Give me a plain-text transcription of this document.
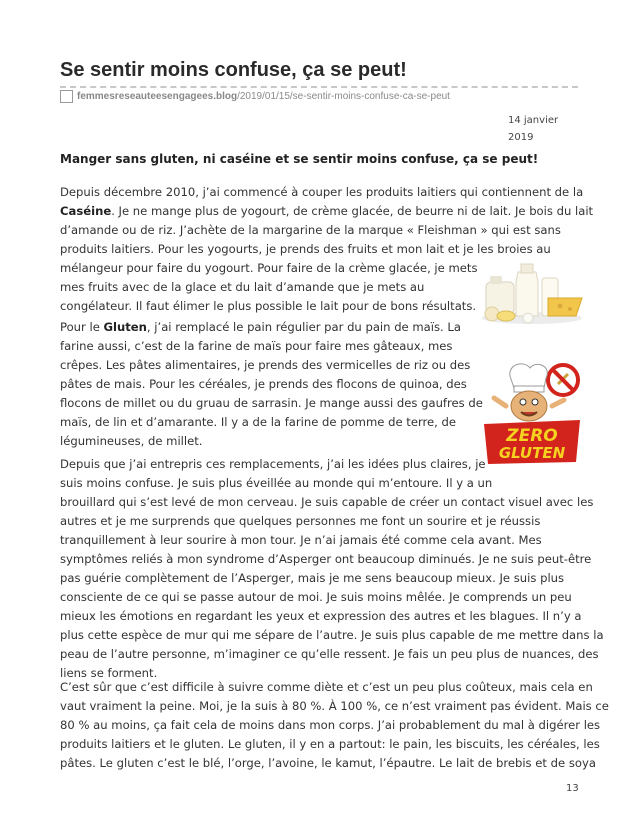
Se sentir moins confuse, ça se peut!
femmesreseauteesengagees.blog/2019/01/15/se-sentir-moins-confuse-ca-se-peut
14 janvier
2019

Manger sans gluten, ni caséine et se sentir moins confuse, ça se peut!

Depuis décembre 2010, j’ai commencé à couper les produits laitiers qui contiennent de la
Caséine. Je ne mange plus de yogourt, de crème glacée, de beurre ni de lait. Je bois du lait
d’amande ou de riz. J’achète de la margarine de la marque « Fleishman » qui est sans
produits laitiers. Pour les yogourts, je prends des fruits et mon lait et je les broies au
mélangeur pour faire du yogourt. Pour faire de la crème glacée, je mets
mes fruits avec de la glace et du lait d’amande que je mets au
congélateur. Il faut élimer le plus possible le lait pour de bons résultats.

Pour le Gluten, j’ai remplacé le pain régulier par du pain de maïs. La
farine aussi, c’est de la farine de maïs pour faire mes gâteaux, mes
crêpes. Les pâtes alimentaires, je prends des vermicelles de riz ou des
pâtes de mais. Pour les céréales, je prends des flocons de quinoa, des
flocons de millet ou du gruau de sarrasin. Je mange aussi des gaufres de
maïs, de lin et d’amarante. Il y a de la farine de pomme de terre, de
légumineuses, de millet.

Depuis que j’ai entrepris ces remplacements, j’ai les idées plus claires, je
suis moins confuse. Je suis plus éveillée au monde qui m’entoure. Il y a un
brouillard qui s’est levé de mon cerveau. Je suis capable de créer un contact visuel avec les
autres et je me surprends que quelques personnes me font un sourire et je réussis
tranquillement à leur sourire à mon tour. Je n’ai jamais été comme cela avant. Mes
symptômes reliés à mon syndrome d’Asperger ont beaucoup diminués. Je ne suis peut-être
pas guérie complètement de l’Asperger, mais je me sens beaucoup mieux. Je suis plus
consciente de ce qui se passe autour de moi. Je suis moins mêlée. Je comprends un peu
mieux les émotions en regardant les yeux et expression des autres et les blagues. Il n’y a
plus cette espèce de mur qui me sépare de l’autre. Je suis plus capable de me mettre dans la
peau de l’autre personne, m’imaginer ce qu’elle ressent. Je fais un peu plus de nuances, des
liens se forment.

C’est sûr que c’est difficile à suivre comme diète et c’est un peu plus coûteux, mais cela en
vaut vraiment la peine. Moi, je la suis à 80 %. À 100 %, ce n’est vraiment pas évident. Mais ce
80 % au moins, ça fait cela de moins dans mon corps. J’ai probablement du mal à digérer les
produits laitiers et le gluten. Le gluten, il y en a partout: le pain, les biscuits, les céréales, les
pâtes. Le gluten c’est le blé, l’orge, l’avoine, le kamut, l’épautre. Le lait de brebis et de soya

ZERO
GLUTEN
13
